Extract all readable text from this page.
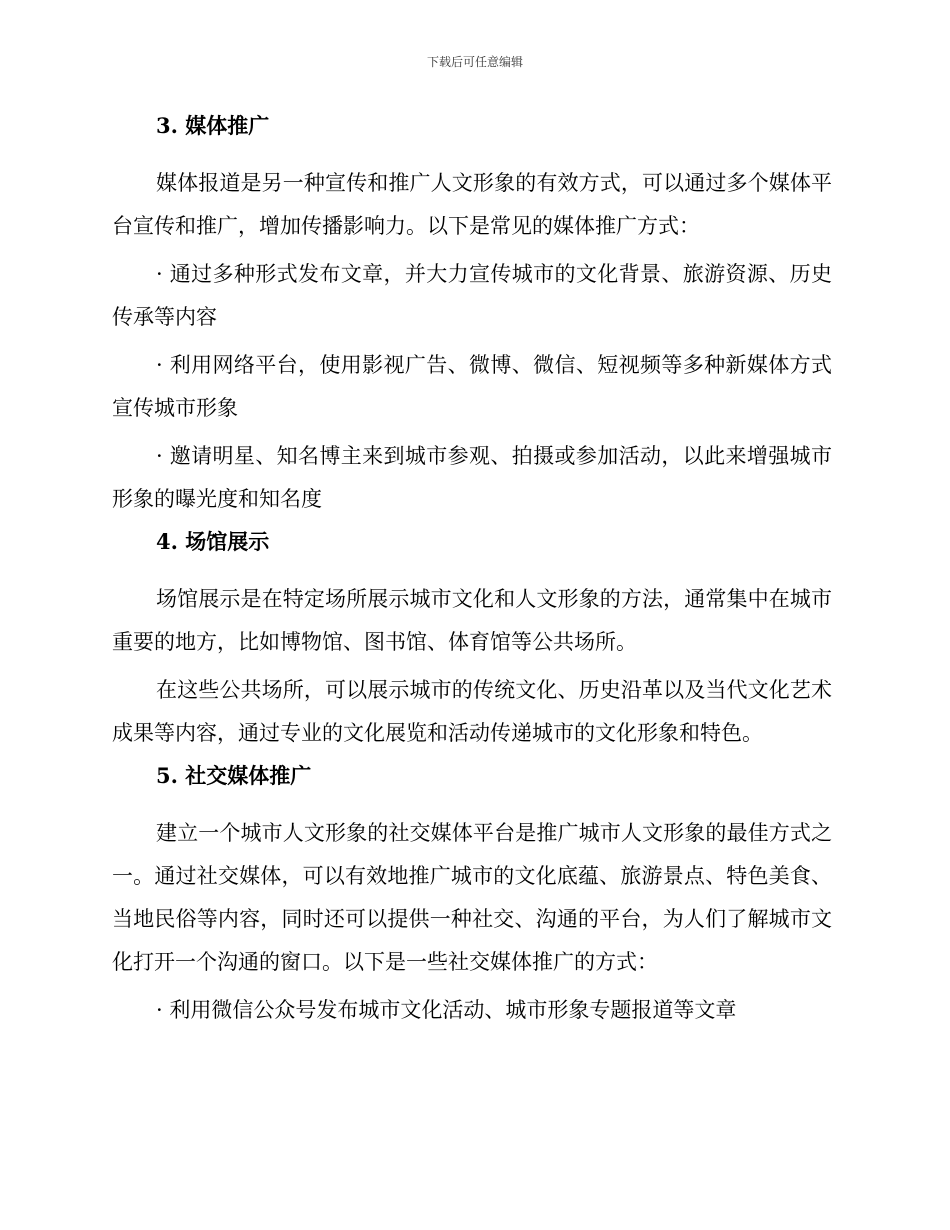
下载后可任意编辑
3. 媒体推广

媒体报道是另一种宣传和推广人文形象的有效方式，可以通过多个媒体平台宣传和推广，增加传播影响力。以下是常见的媒体推广方式：

· 通过多种形式发布文章，并大力宣传城市的文化背景、旅游资源、历史传承等内容

· 利用网络平台，使用影视广告、微博、微信、短视频等多种新媒体方式宣传城市形象

· 邀请明星、知名博主来到城市参观、拍摄或参加活动，以此来增强城市形象的曝光度和知名度

4. 场馆展示

场馆展示是在特定场所展示城市文化和人文形象的方法，通常集中在城市重要的地方，比如博物馆、图书馆、体育馆等公共场所。

在这些公共场所，可以展示城市的传统文化、历史沿革以及当代文化艺术成果等内容，通过专业的文化展览和活动传递城市的文化形象和特色。

5. 社交媒体推广

建立一个城市人文形象的社交媒体平台是推广城市人文形象的最佳方式之一。通过社交媒体，可以有效地推广城市的文化底蕴、旅游景点、特色美食、当地民俗等内容，同时还可以提供一种社交、沟通的平台，为人们了解城市文化打开一个沟通的窗口。以下是一些社交媒体推广的方式：

· 利用微信公众号发布城市文化活动、城市形象专题报道等文章
